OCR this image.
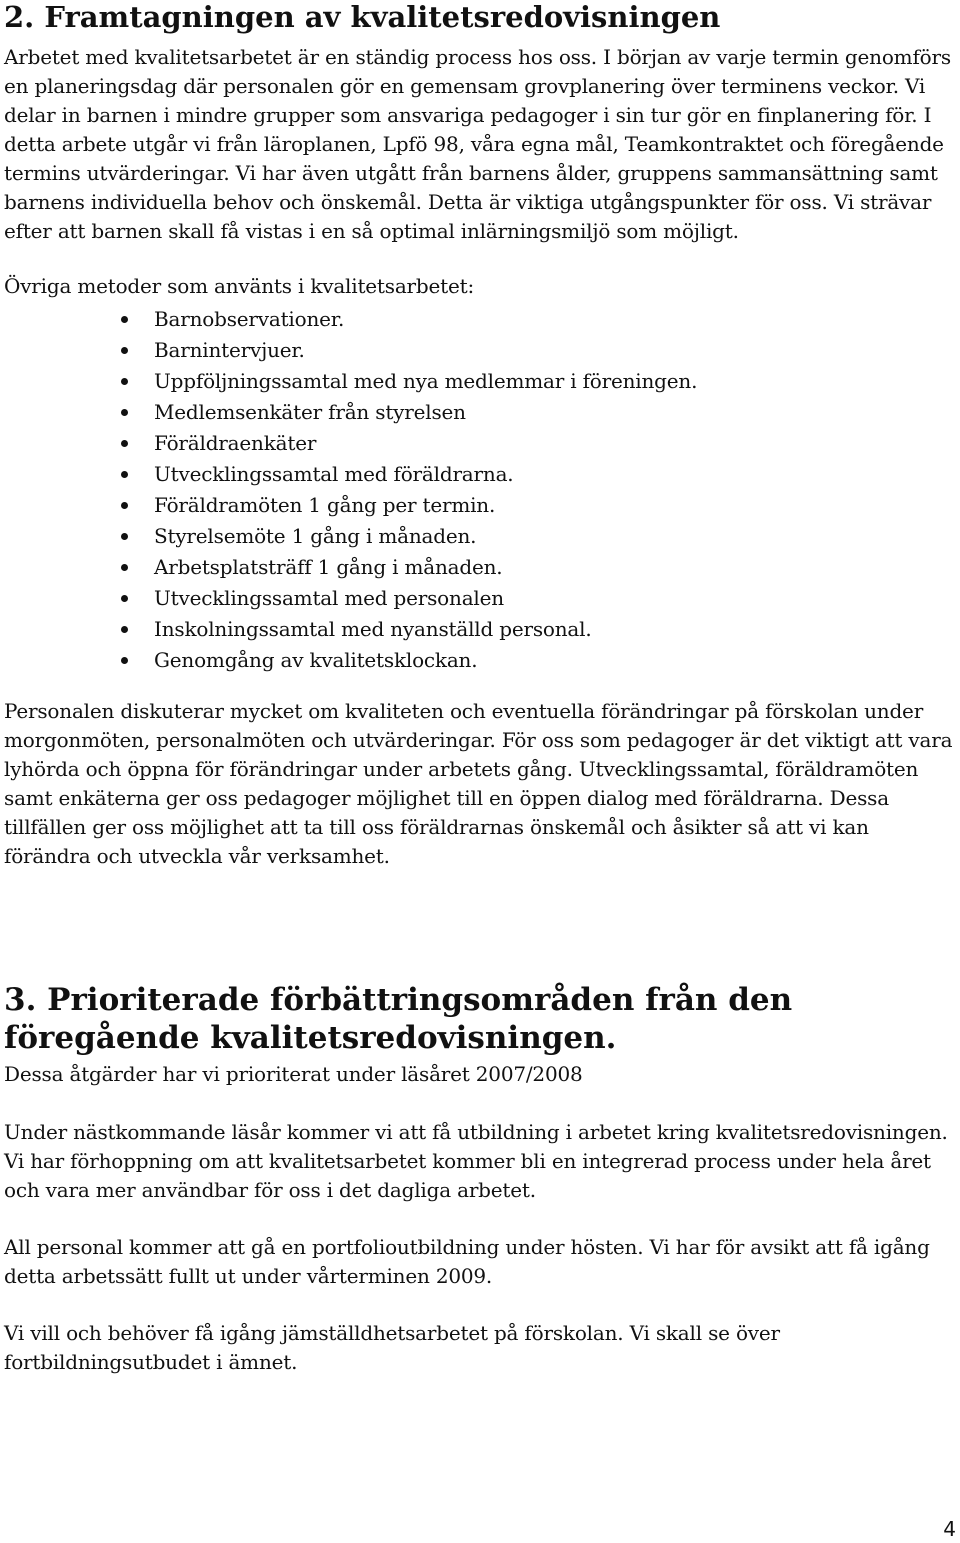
2. Framtagningen av kvalitetsredovisningen

Arbetet med kvalitetsarbetet är en ständig process hos oss. I början av varje termin genomförs en planeringsdag där personalen gör en gemensam grovplanering över terminens veckor. Vi delar in barnen i mindre grupper som ansvariga pedagoger i sin tur gör en finplanering för. I detta arbete utgår vi från läroplanen, Lpfö 98, våra egna mål, Teamkontraktet och föregående termins utvärderingar. Vi har även utgått från barnens ålder, gruppens sammansättning samt barnens individuella behov och önskemål. Detta är viktiga utgångspunkter för oss. Vi strävar efter att barnen skall få vistas i en så optimal inlärningsmiljö som möjligt.

Övriga metoder som använts i kvalitetsarbetet:

Barnobservationer.
Barnintervjuer.
Uppföljningssamtal med nya medlemmar i föreningen.
Medlemsenkäter från styrelsen
Föräldraenkäter
Utvecklingssamtal med föräldrarna.
Föräldramöten 1 gång per termin.
Styrelsemöte 1 gång i månaden.
Arbetsplatsträff 1 gång i månaden.
Utvecklingssamtal med personalen
Inskolningssamtal med nyanställd personal.
Genomgång av kvalitetsklockan.

Personalen diskuterar mycket om kvaliteten och eventuella förändringar på förskolan under morgonmöten, personalmöten och utvärderingar. För oss som pedagoger är det viktigt att vara lyhörda och öppna för förändringar under arbetets gång. Utvecklingssamtal, föräldramöten samt enkäterna ger oss pedagoger möjlighet till en öppen dialog med föräldrarna. Dessa tillfällen ger oss möjlighet att ta till oss föräldrarnas önskemål och åsikter så att vi kan förändra och utveckla vår verksamhet.

3. Prioriterade förbättringsområden från den föregående kvalitetsredovisningen.

Dessa åtgärder har vi prioriterat under läsåret 2007/2008

Under nästkommande läsår kommer vi att få utbildning i arbetet kring kvalitetsredovisningen. Vi har förhoppning om att kvalitetsarbetet kommer bli en integrerad process under hela året och vara mer användbar för oss i det dagliga arbetet.

All personal kommer att gå en portfolioutbildning under hösten. Vi har för avsikt att få igång detta arbetssätt fullt ut under vårterminen 2009.

Vi vill och behöver få igång jämställdhetsarbetet på förskolan. Vi skall se över fortbildningsutbudet i ämnet.

4
